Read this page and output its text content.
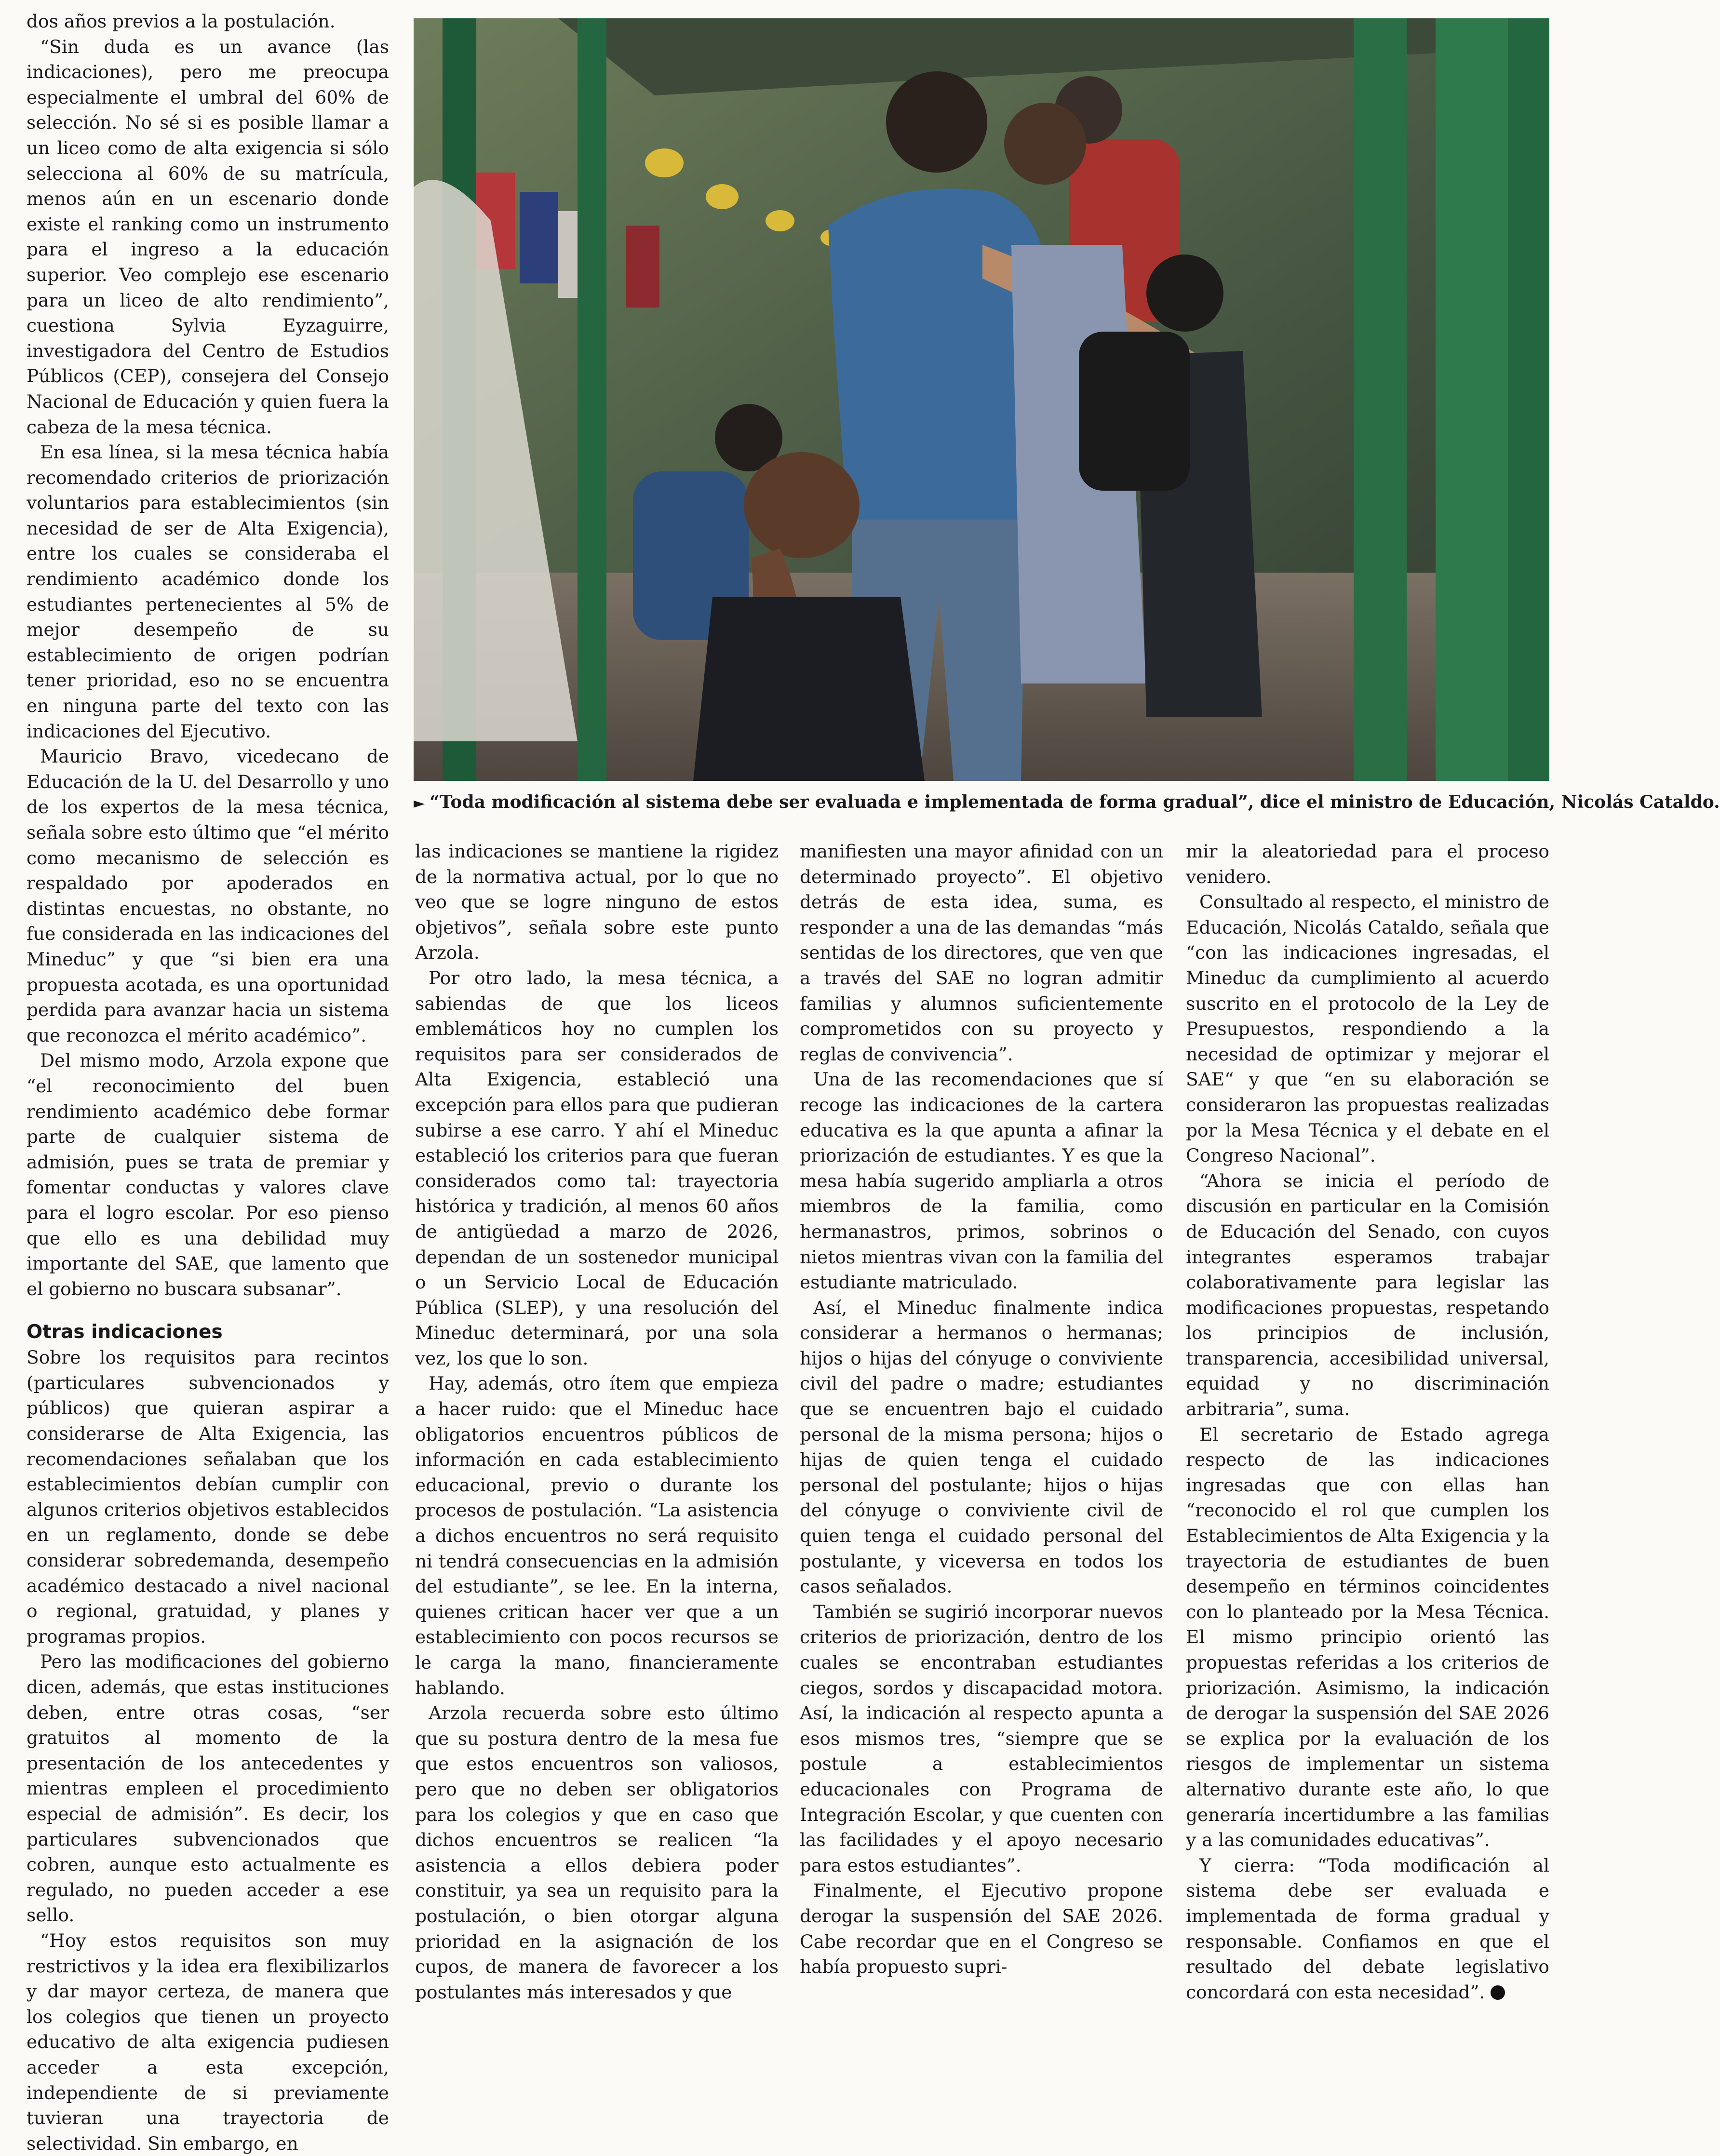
dos años previos a la postulación.

“Sin duda es un avance (las indicaciones), pero me preocupa especialmente el umbral del 60% de selección. No sé si es posible llamar a un liceo como de alta exigencia si sólo selecciona al 60% de su matrícula, menos aún en un escenario donde existe el ranking como un instrumento para el ingreso a la educación superior. Veo complejo ese escenario para un liceo de alto rendimiento”, cuestiona Sylvia Eyzaguirre, investigadora del Centro de Estudios Públicos (CEP), consejera del Consejo Nacional de Educación y quien fuera la cabeza de la mesa técnica.

En esa línea, si la mesa técnica había recomendado criterios de priorización voluntarios para establecimientos (sin necesidad de ser de Alta Exigencia), entre los cuales se consideraba el rendimiento académico donde los estudiantes pertenecientes al 5% de mejor desempeño de su establecimiento de origen podrían tener prioridad, eso no se encuentra en ninguna parte del texto con las indicaciones del Ejecutivo.

Mauricio Bravo, vicedecano de Educación de la U. del Desarrollo y uno de los expertos de la mesa técnica, señala sobre esto último que “el mérito como mecanismo de selección es respaldado por apoderados en distintas encuestas, no obstante, no fue considerada en las indicaciones del Mineduc” y que “si bien era una propuesta acotada, es una oportunidad perdida para avanzar hacia un sistema que reconozca el mérito académico”.

Del mismo modo, Arzola expone que “el reconocimiento del buen rendimiento académico debe formar parte de cualquier sistema de admisión, pues se trata de premiar y fomentar conductas y valores clave para el logro escolar. Por eso pienso que ello es una debilidad muy importante del SAE, que lamento que el gobierno no buscara subsanar”.

Otras indicaciones

Sobre los requisitos para recintos (particulares subvencionados y públicos) que quieran aspirar a considerarse de Alta Exigencia, las recomendaciones señalaban que los establecimientos debían cumplir con algunos criterios objetivos establecidos en un reglamento, donde se debe considerar sobredemanda, desempeño académico destacado a nivel nacional o regional, gratuidad, y planes y programas propios.

Pero las modificaciones del gobierno dicen, además, que estas instituciones deben, entre otras cosas, “ser gratuitos al momento de la presentación de los antecedentes y mientras empleen el procedimiento especial de admisión”. Es decir, los particulares subvencionados que cobren, aunque esto actualmente es regulado, no pueden acceder a ese sello.

“Hoy estos requisitos son muy restrictivos y la idea era flexibilizarlos y dar mayor certeza, de manera que los colegios que tienen un proyecto educativo de alta exigencia pudiesen acceder a esta excepción, independiente de si previamente tuvieran una trayectoria de selectividad. Sin embargo, en

► “Toda modificación al sistema debe ser evaluada e implementada de forma gradual”, dice el ministro de Educación, Nicolás Cataldo.

las indicaciones se mantiene la rigidez de la normativa actual, por lo que no veo que se logre ninguno de estos objetivos”, señala sobre este punto Arzola.

Por otro lado, la mesa técnica, a sabiendas de que los liceos emblemáticos hoy no cumplen los requisitos para ser considerados de Alta Exigencia, estableció una excepción para ellos para que pudieran subirse a ese carro. Y ahí el Mineduc estableció los criterios para que fueran considerados como tal: trayectoria histórica y tradición, al menos 60 años de antigüedad a marzo de 2026, dependan de un sostenedor municipal o un Servicio Local de Educación Pública (SLEP), y una resolución del Mineduc determinará, por una sola vez, los que lo son.

Hay, además, otro ítem que empieza a hacer ruido: que el Mineduc hace obligatorios encuentros públicos de información en cada establecimiento educacional, previo o durante los procesos de postulación. “La asistencia a dichos encuentros no será requisito ni tendrá consecuencias en la admisión del estudiante”, se lee. En la interna, quienes critican hacer ver que a un establecimiento con pocos recursos se le carga la mano, financieramente hablando.

Arzola recuerda sobre esto último que su postura dentro de la mesa fue que estos encuentros son valiosos, pero que no deben ser obligatorios para los colegios y que en caso que dichos encuentros se realicen “la asistencia a ellos debiera poder constituir, ya sea un requisito para la postulación, o bien otorgar alguna prioridad en la asignación de los cupos, de manera de favorecer a los postulantes más interesados y que

manifiesten una mayor afinidad con un determinado proyecto”. El objetivo detrás de esta idea, suma, es responder a una de las demandas “más sentidas de los directores, que ven que a través del SAE no logran admitir familias y alumnos suficientemente comprometidos con su proyecto y reglas de convivencia”.

Una de las recomendaciones que sí recoge las indicaciones de la cartera educativa es la que apunta a afinar la priorización de estudiantes. Y es que la mesa había sugerido ampliarla a otros miembros de la familia, como hermanastros, primos, sobrinos o nietos mientras vivan con la familia del estudiante matriculado.

Así, el Mineduc finalmente indica considerar a hermanos o hermanas; hijos o hijas del cónyuge o conviviente civil del padre o madre; estudiantes que se encuentren bajo el cuidado personal de la misma persona; hijos o hijas de quien tenga el cuidado personal del postulante; hijos o hijas del cónyuge o conviviente civil de quien tenga el cuidado personal del postulante, y viceversa en todos los casos señalados.

También se sugirió incorporar nuevos criterios de priorización, dentro de los cuales se encontraban estudiantes ciegos, sordos y discapacidad motora. Así, la indicación al respecto apunta a esos mismos tres, “siempre que se postule a establecimientos educacionales con Programa de Integración Escolar, y que cuenten con las facilidades y el apoyo necesario para estos estudiantes”.

Finalmente, el Ejecutivo propone derogar la suspensión del SAE 2026. Cabe recordar que en el Congreso se había propuesto supri-

mir la aleatoriedad para el proceso venidero.

Consultado al respecto, el ministro de Educación, Nicolás Cataldo, señala que “con las indicaciones ingresadas, el Mineduc da cumplimiento al acuerdo suscrito en el protocolo de la Ley de Presupuestos, respondiendo a la necesidad de optimizar y mejorar el SAE“ y que “en su elaboración se consideraron las propuestas realizadas por la Mesa Técnica y el debate en el Congreso Nacional”.

“Ahora se inicia el período de discusión en particular en la Comisión de Educación del Senado, con cuyos integrantes esperamos trabajar colaborativamente para legislar las modificaciones propuestas, respetando los principios de inclusión, transparencia, accesibilidad universal, equidad y no discriminación arbitraria”, suma.

El secretario de Estado agrega respecto de las indicaciones ingresadas que con ellas han “reconocido el rol que cumplen los Establecimientos de Alta Exigencia y la trayectoria de estudiantes de buen desempeño en términos coincidentes con lo planteado por la Mesa Técnica. El mismo principio orientó las propuestas referidas a los criterios de priorización. Asimismo, la indicación de derogar la suspensión del SAE 2026 se explica por la evaluación de los riesgos de implementar un sistema alternativo durante este año, lo que generaría incertidumbre a las familias y a las comunidades educativas”.

Y cierra: “Toda modificación al sistema debe ser evaluada e implementada de forma gradual y responsable. Confiamos en que el resultado del debate legislativo concordará con esta necesidad”.
